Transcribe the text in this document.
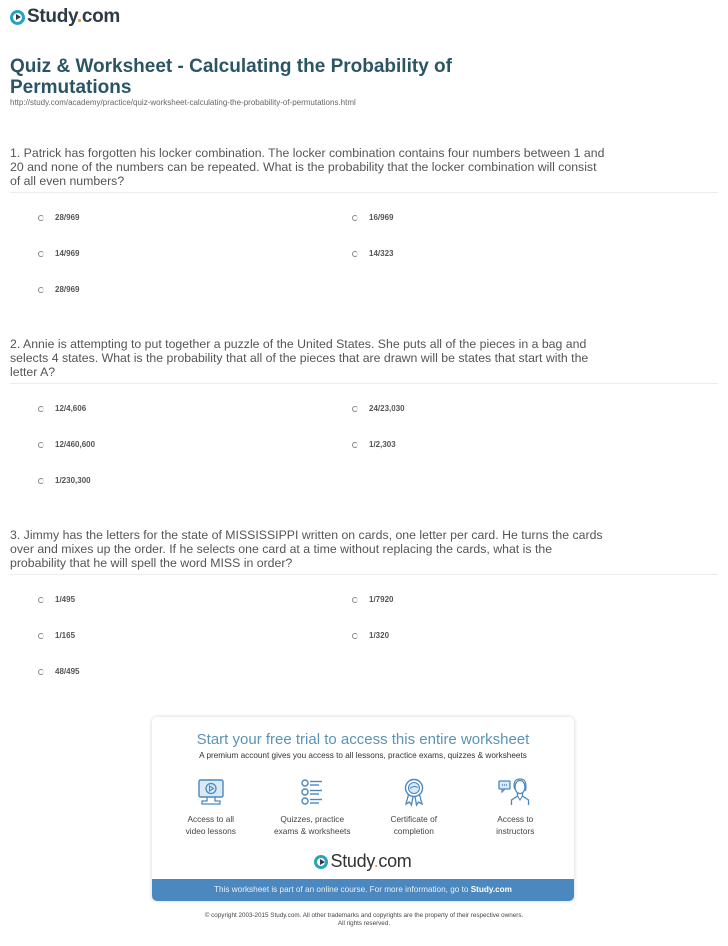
Study.com
Quiz & Worksheet - Calculating the Probability of Permutations
http://study.com/academy/practice/quiz-worksheet-calculating-the-probability-of-permutations.html
1. Patrick has forgotten his locker combination. The locker combination contains four numbers between 1 and 20 and none of the numbers can be repeated. What is the probability that the locker combination will consist of all even numbers?
28/969	16/969
14/969	14/323
28/969
2. Annie is attempting to put together a puzzle of the United States. She puts all of the pieces in a bag and selects 4 states. What is the probability that all of the pieces that are drawn will be states that start with the letter A?
12/4,606	24/23,030
12/460,600	1/2,303
1/230,300
3. Jimmy has the letters for the state of MISSISSIPPI written on cards, one letter per card. He turns the cards over and mixes up the order. If he selects one card at a time without replacing the cards, what is the probability that he will spell the word MISS in order?
1/495	1/7920
1/165	1/320
48/495
Start your free trial to access this entire worksheet
A premium account gives you access to all lessons, practice exams, quizzes & worksheets
Access to all
video lessons
Quizzes, practice
exams & worksheets
Certificate of
completion
Access to
instructors
Study.com
This worksheet is part of an online course. For more information, go to Study.com
© copyright 2003-2015 Study.com. All other trademarks and copyrights are the property of their respective owners.
All rights reserved.
